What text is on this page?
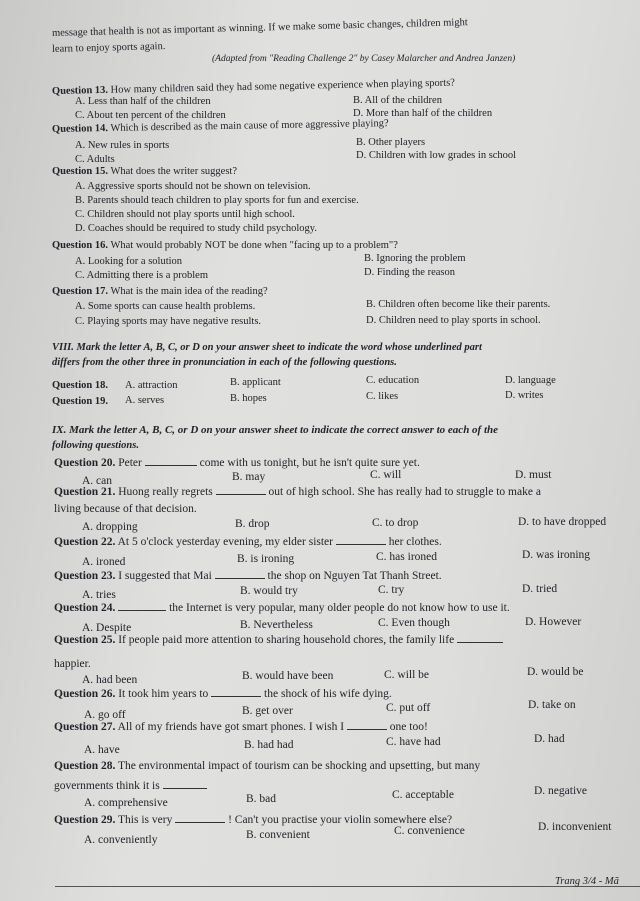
message that health is not as important as winning. If we make some basic changes, children might
learn to enjoy sports again.
(Adapted from "Reading Challenge 2" by Casey Malarcher and Andrea Janzen)
Question 13. How many children said they had some negative experience when playing sports?
A. Less than half of the children	B. All of the children
C. About ten percent of the children	D. More than half of the children
Question 14. Which is described as the main cause of more aggressive playing?
A. New rules in sports	B. Other players
C. Adults	D. Children with low grades in school
Question 15. What does the writer suggest?
A. Aggressive sports should not be shown on television.
B. Parents should teach children to play sports for fun and exercise.
C. Children should not play sports until high school.
D. Coaches should be required to study child psychology.
Question 16. What would probably NOT be done when "facing up to a problem"?
A. Looking for a solution	B. Ignoring the problem
C. Admitting there is a problem	D. Finding the reason
Question 17. What is the main idea of the reading?
A. Some sports can cause health problems.	B. Children often become like their parents.
C. Playing sports may have negative results.	D. Children need to play sports in school.
VIII. Mark the letter A, B, C, or D on your answer sheet to indicate the word whose underlined part
differs from the other three in pronunciation in each of the following questions.
Question 18. A. attraction	B. applicant	C. education	D. language
Question 19. A. serves	B. hopes	C. likes	D. writes
IX. Mark the letter A, B, C, or D on your answer sheet to indicate the correct answer to each of the
following questions.
Question 20. Peter	come with us tonight, but he isn't quite sure yet.
A. can	B. may	C. will	D. must
Question 21. Huong really regrets	out of high school. She has really had to struggle to make a
living because of that decision.
A. dropping	B. drop	C. to drop	D. to have dropped
Question 22. At 5 o'clock yesterday evening, my elder sister	her clothes.
A. ironed	B. is ironing	C. has ironed	D. was ironing
Question 23. I suggested that Mai	the shop on Nguyen Tat Thanh Street.
A. tries	B. would try	C. try	D. tried
Question 24.	the Internet is very popular, many older people do not know how to use it.
A. Despite	B. Nevertheless	C. Even though	D. However
Question 25. If people paid more attention to sharing household chores, the family life
happier.
A. had been	B. would have been	C. will be	D. would be
Question 26. It took him years to	the shock of his wife dying.
A. go off	B. get over	C. put off	D. take on
Question 27. All of my friends have got smart phones. I wish I	one too!
A. have	B. had had	C. have had	D. had
Question 28. The environmental impact of tourism can be shocking and upsetting, but many
governments think it is
A. comprehensive	B. bad	C. acceptable	D. negative
Question 29. This is very	! Can't you practise your violin somewhere else?
A. conveniently	B. convenient	C. convenience	D. inconvenient
Trang 3/4 - Mã
